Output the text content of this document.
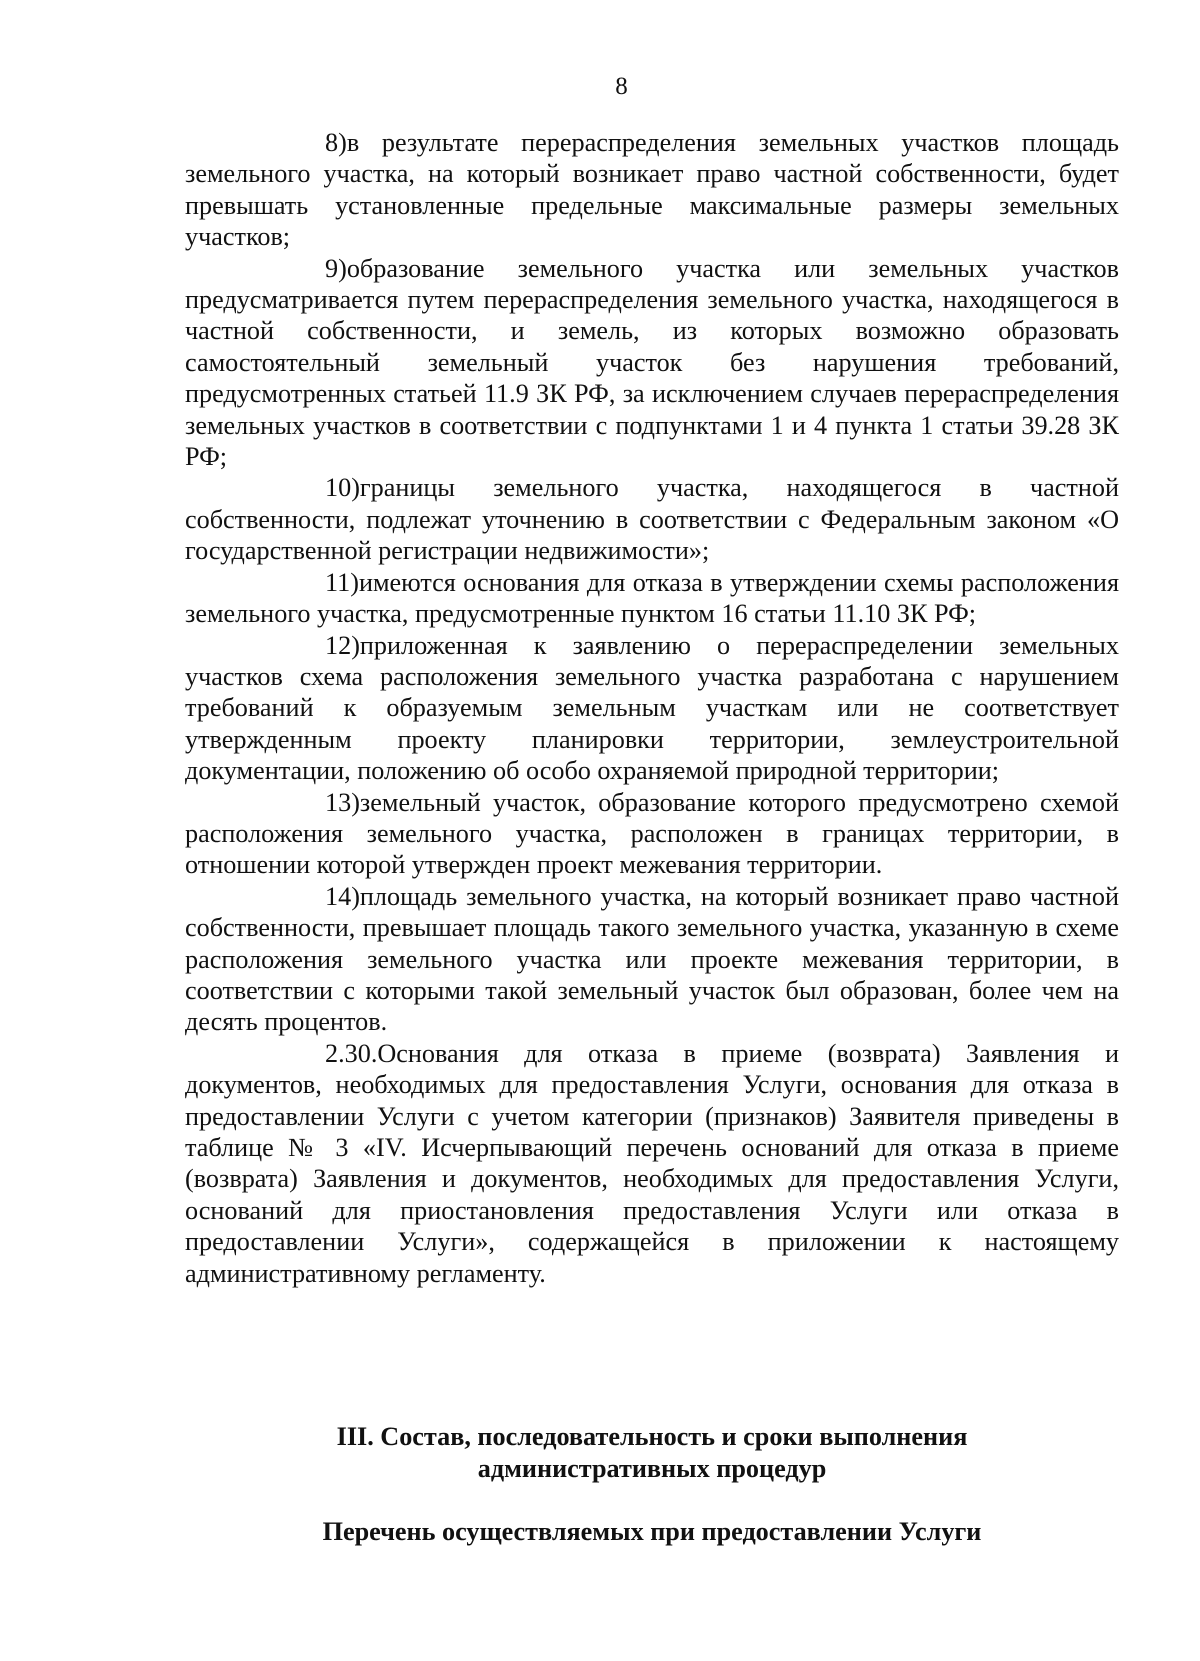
8

8)в результате перераспределения земельных участков площадь земельного участка, на который возникает право частной собственности, будет превышать установленные предельные максимальные размеры земельных участков;

9)образование земельного участка или земельных участков предусматривается путем перераспределения земельного участка, находящегося в частной собственности, и земель, из которых возможно образовать самостоятельный земельный участок без нарушения требований, предусмотренных статьей 11.9 ЗК РФ, за исключением случаев перераспределения земельных участков в соответствии с подпунктами 1 и 4 пункта 1 статьи 39.28 ЗК РФ;

10)границы земельного участка, находящегося в частной собственности, подлежат уточнению в соответствии с Федеральным законом «О государственной регистрации недвижимости»;

11)имеются основания для отказа в утверждении схемы расположения земельного участка, предусмотренные пунктом 16 статьи 11.10 ЗК РФ;

12)приложенная к заявлению о перераспределении земельных участков схема расположения земельного участка разработана с нарушением требований к образуемым земельным участкам или не соответствует утвержденным проекту планировки территории, землеустроительной документации, положению об особо охраняемой природной территории;

13)земельный участок, образование которого предусмотрено схемой расположения земельного участка, расположен в границах территории, в отношении которой утвержден проект межевания территории.

14)площадь земельного участка, на который возникает право частной собственности, превышает площадь такого земельного участка, указанную в схеме расположения земельного участка или проекте межевания территории, в соответствии с которыми такой земельный участок был образован, более чем на десять процентов.

2.30.Основания для отказа в приеме (возврата) Заявления и документов, необходимых для предоставления Услуги, основания для отказа в предоставлении Услуги с учетом категории (признаков) Заявителя приведены в таблице № 3 «IV. Исчерпывающий перечень оснований для отказа в приеме (возврата) Заявления и документов, необходимых для предоставления Услуги, оснований для приостановления предоставления Услуги или отказа в предоставлении Услуги», содержащейся в приложении к настоящему административному регламенту.

III. Состав, последовательность и сроки выполнения
административных процедур
Перечень осуществляемых при предоставлении Услуги
